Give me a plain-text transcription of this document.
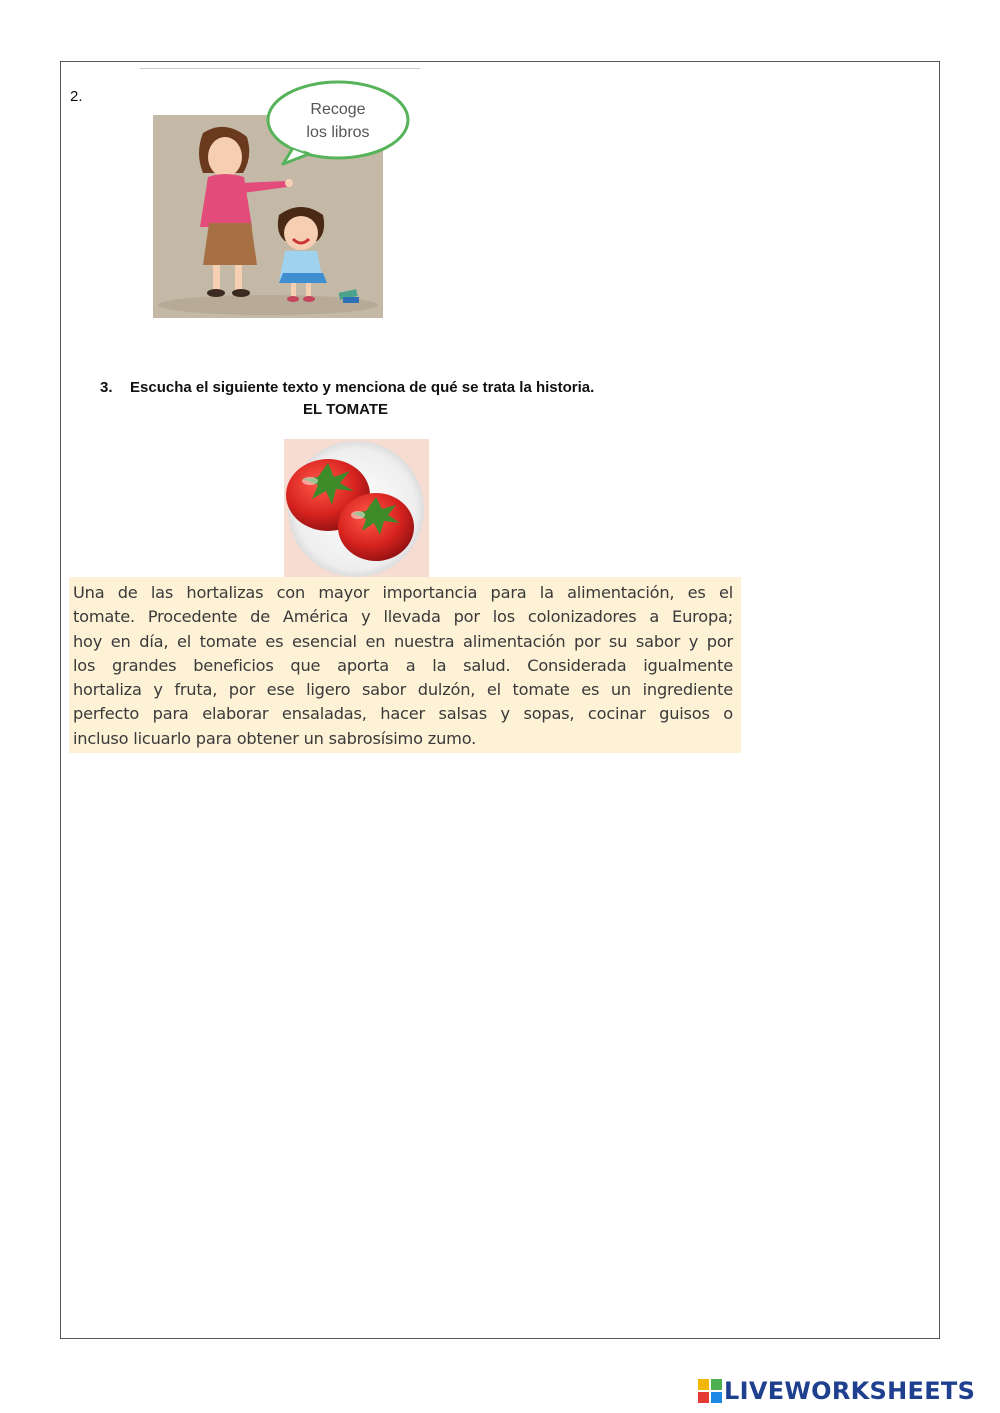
2.
Recoge
los libros
3. Escucha el siguiente texto y menciona de qué se trata la historia.
EL TOMATE
Una de las hortalizas con mayor importancia para la alimentación, es el
tomate. Procedente de América y llevada por los colonizadores a Europa;
hoy en día, el tomate es esencial en nuestra alimentación por su sabor y por
los grandes beneficios que aporta a la salud. Considerada igualmente
hortaliza y fruta, por ese ligero sabor dulzón, el tomate es un ingrediente
perfecto para elaborar ensaladas, hacer salsas y sopas, cocinar guisos o
incluso licuarlo para obtener un sabrosísimo zumo.
LIVEWORKSHEETS
